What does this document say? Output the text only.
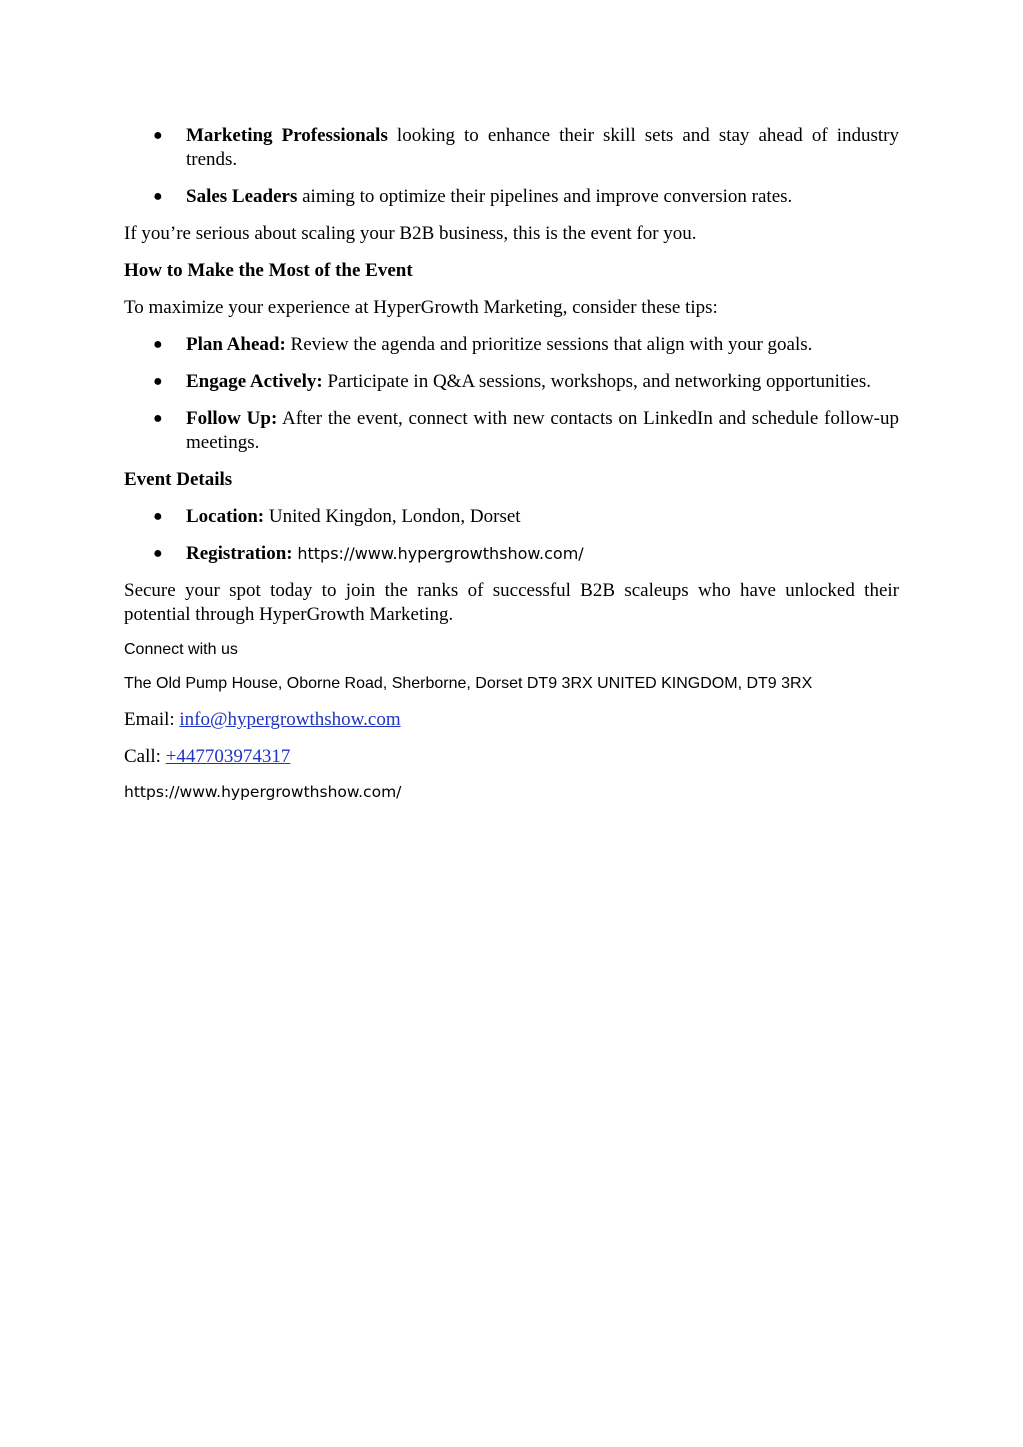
● Marketing Professionals looking to enhance their skill sets and stay ahead of industry trends.
● Sales Leaders aiming to optimize their pipelines and improve conversion rates.

If you’re serious about scaling your B2B business, this is the event for you.

How to Make the Most of the Event

To maximize your experience at HyperGrowth Marketing, consider these tips:

● Plan Ahead: Review the agenda and prioritize sessions that align with your goals.
● Engage Actively: Participate in Q&A sessions, workshops, and networking opportunities.
● Follow Up: After the event, connect with new contacts on LinkedIn and schedule follow-up meetings.

Event Details

● Location: United Kingdon, London, Dorset
● Registration: https://www.hypergrowthshow.com/

Secure your spot today to join the ranks of successful B2B scaleups who have unlocked their potential through HyperGrowth Marketing.

Connect with us

The Old Pump House, Oborne Road, Sherborne, Dorset DT9 3RX UNITED KINGDOM, DT9 3RX

Email: info@hypergrowthshow.com

Call: +447703974317

https://www.hypergrowthshow.com/
